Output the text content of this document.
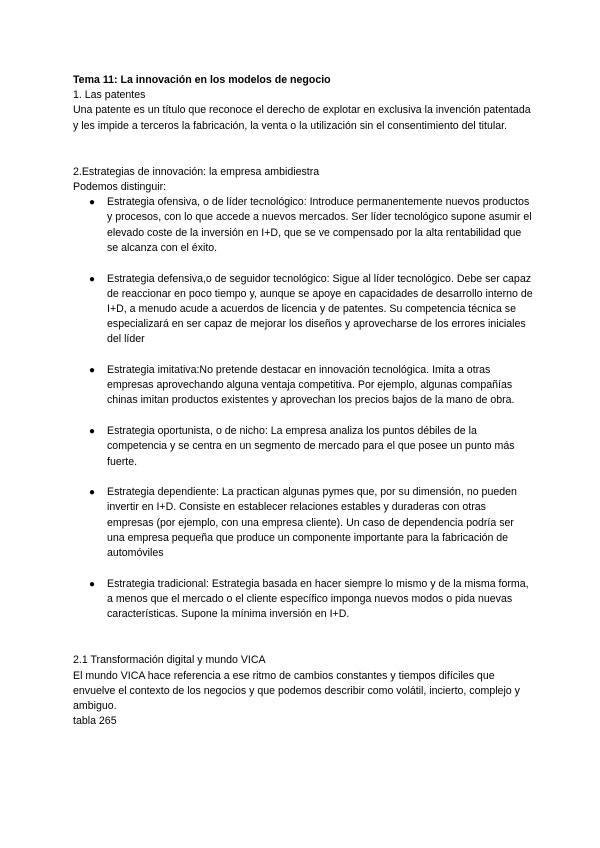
Tema 11: La innovación en los modelos de negocio

1. Las patentes

Una patente es un título que reconoce el derecho de explotar en exclusiva la invención patentada y les impide a terceros la fabricación, la venta o la utilización sin el consentimiento del titular.

2.Estrategias de innovación: la empresa ambidiestra

Podemos distinguir:

● Estrategia ofensiva, o de líder tecnológico: Introduce permanentemente nuevos productos y procesos, con lo que accede a nuevos mercados. Ser líder tecnológico supone asumir el elevado coste de la inversión en I+D, que se ve compensado por la alta rentabilidad que se alcanza con el éxito.
● Estrategia defensiva,o de seguidor tecnológico: Sigue al líder tecnológico. Debe ser capaz de reaccionar en poco tiempo y, aunque se apoye en capacidades de desarrollo interno de I+D, a menudo acude a acuerdos de licencia y de patentes. Su competencia técnica se especializará en ser capaz de mejorar los diseños y aprovecharse de los errores iniciales del líder
● Estrategia imitativa:No pretende destacar en innovación tecnológica. Imita a otras empresas aprovechando alguna ventaja competitiva. Por ejemplo, algunas compañías chinas imitan productos existentes y aprovechan los precios bajos de la mano de obra.
● Estrategia oportunista, o de nicho: La empresa analiza los puntos débiles de la competencia y se centra en un segmento de mercado para el que posee un punto más fuerte.
● Estrategia dependiente: La practican algunas pymes que, por su dimensión, no pueden invertir en I+D. Consiste en establecer relaciones estables y duraderas con otras empresas (por ejemplo, con una empresa cliente). Un caso de dependencia podría ser una empresa pequeña que produce un componente importante para la fabricación de automóviles
● Estrategia tradicional: Estrategia basada en hacer siempre lo mismo y de la misma forma, a menos que el mercado o el cliente específico imponga nuevos modos o pida nuevas características. Supone la mínima inversión en I+D.

2.1 Transformación digital y mundo VICA

El mundo VICA hace referencia a ese ritmo de cambios constantes y tiempos difíciles que envuelve el contexto de los negocios y que podemos describir como volátil, incierto, complejo y ambiguo.

tabla 265
